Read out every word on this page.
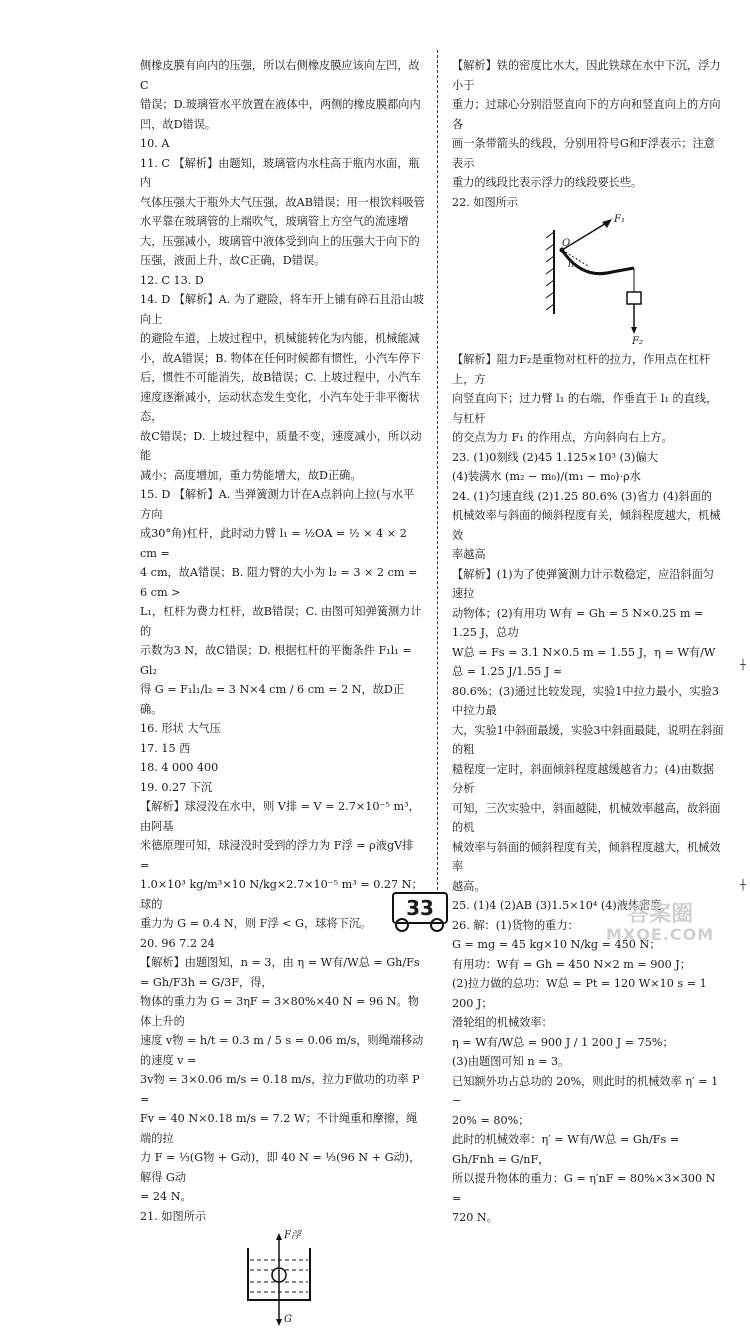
侧橡皮膜有向内的压强，所以右侧橡皮膜应该向左凹，故C

错误；D.玻璃管水平放置在液体中，两侧的橡皮膜都向内

凹，故D错误。

10. A

11. C 【解析】由题知，玻璃管内水柱高于瓶内水面，瓶内

气体压强大于瓶外大气压强，故AB错误；用一根饮料吸管

水平靠在玻璃管的上端吹气，玻璃管上方空气的流速增

大，压强减小，玻璃管中液体受到向上的压强大于向下的

压强，液面上升，故C正确，D错误。

12. C 13. D

14. D 【解析】A. 为了避险，将车开上铺有碎石且沿山坡向上

的避险车道，上坡过程中，机械能转化为内能，机械能减

小，故A错误；B. 物体在任何时候都有惯性，小汽车停下

后，惯性不可能消失，故B错误；C. 上坡过程中，小汽车

速度逐渐减小，运动状态发生变化，小汽车处于非平衡状态，

故C错误；D. 上坡过程中，质量不变，速度减小，所以动能

减小；高度增加，重力势能增大，故D正确。

15. D 【解析】A. 当弹簧测力计在A点斜向上拉(与水平方向

成30°角)杠杆，此时动力臂 l₁ = ½OA = ½ × 4 × 2 cm =

4 cm，故A错误；B. 阻力臂的大小为 l₂ = 3 × 2 cm = 6 cm >

L₁，杠杆为费力杠杆，故B错误；C. 由图可知弹簧测力计的

示数为3 N，故C错误；D. 根据杠杆的平衡条件 F₁l₁ = Gl₂

得 G = F₁l₁/l₂ = 3 N×4 cm / 6 cm = 2 N，故D正确。

16. 形状 大气压

17. 15 西

18. 4 000 400

19. 0.27 下沉

【解析】球浸没在水中，则 V排 = V = 2.7×10⁻⁵ m³，由阿基

米德原理可知，球浸没时受到的浮力为 F浮 = ρ液gV排 =

1.0×10³ kg/m³×10 N/kg×2.7×10⁻⁵ m³ = 0.27 N；球的

重力为 G = 0.4 N，则 F浮 < G，球将下沉。

20. 96 7.2 24

【解析】由题图知，n = 3，由 η = W有/W总 = Gh/Fs = Gh/F3h = G/3F，得，

物体的重力为 G = 3ηF = 3×80%×40 N = 96 N。物体上升的

速度 v物 = h/t = 0.3 m / 5 s = 0.06 m/s，则绳端移动的速度 v =

3v物 = 3×0.06 m/s = 0.18 m/s，拉力F做功的功率 P =

Fv = 40 N×0.18 m/s = 7.2 W；不计绳重和摩擦，绳端的拉

力 F = ⅓(G物 + G动)，即 40 N = ⅓(96 N + G动)，解得 G动

= 24 N。

21. 如图所示

F浮
G

【解析】铁的密度比水大，因此铁球在水中下沉，浮力小于

重力；过球心分别沿竖直向下的方向和竖直向上的方向各

画一条带箭头的线段，分别用符号G和F浮表示；注意表示

重力的线段比表示浮力的线段要长些。

22. 如图所示

F₁
O
l₁
F₂

【解析】阻力F₂是重物对杠杆的拉力，作用点在杠杆上，方

向竖直向下；过力臂 l₁ 的右端，作垂直于 l₁ 的直线，与杠杆

的交点为力 F₁ 的作用点，方向斜向右上方。

23. (1)0刻线 (2)45 1.125×10³ (3)偏大

(4)装满水 (m₂ − m₀)/(m₁ − m₀)·ρ水

24. (1)匀速直线 (2)1.25 80.6% (3)省力 (4)斜面的

机械效率与斜面的倾斜程度有关，倾斜程度越大，机械效

率越高

【解析】(1)为了使弹簧测力计示数稳定，应沿斜面匀速拉

动物体；(2)有用功 W有 = Gh = 5 N×0.25 m = 1.25 J，总功

W总 = Fs = 3.1 N×0.5 m = 1.55 J，η = W有/W总 = 1.25 J/1.55 J ≈

80.6%；(3)通过比较发现，实验1中拉力最小，实验3中拉力最

大，实验1中斜面最缓，实验3中斜面最陡，说明在斜面的粗

糙程度一定时，斜面倾斜程度越缓越省力；(4)由数据分析

可知，三次实验中，斜面越陡，机械效率越高，故斜面的机

械效率与斜面的倾斜程度有关，倾斜程度越大，机械效率

越高。

25. (1)4 (2)AB (3)1.5×10⁴ (4)液体密度

26. 解：(1)货物的重力：

G = mg = 45 kg×10 N/kg = 450 N；

有用功：W有 = Gh = 450 N×2 m = 900 J；

(2)拉力做的总功：W总 = Pt = 120 W×10 s = 1 200 J；

滑轮组的机械效率：

η = W有/W总 = 900 J / 1 200 J = 75%；

(3)由题图可知 n = 3。

已知额外功占总功的 20%，则此时的机械效率 η′ = 1 −

20% = 80%；

此时的机械效率：η′ = W有/W总 = Gh/Fs = Gh/Fnh = G/nF，

所以提升物体的重力：G = η′nF = 80%×3×300 N =

720 N。

┼
┼
33	答案圈
MXQE.COM
